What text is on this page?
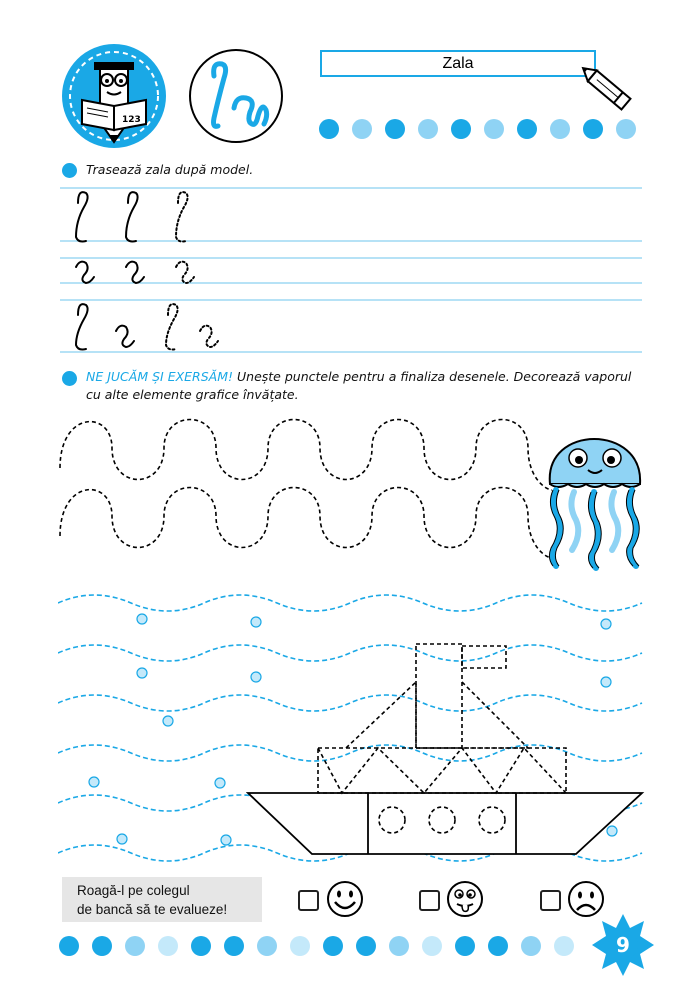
123
Zala
Trasează zala după model.
NE JUCĂM ȘI EXERSĂM! Unește punctele pentru a finaliza desenele. Decorează vaporul cu alte elemente grafice învățate.
Roagă-l pe colegul
de bancă să te evalueze!
9
